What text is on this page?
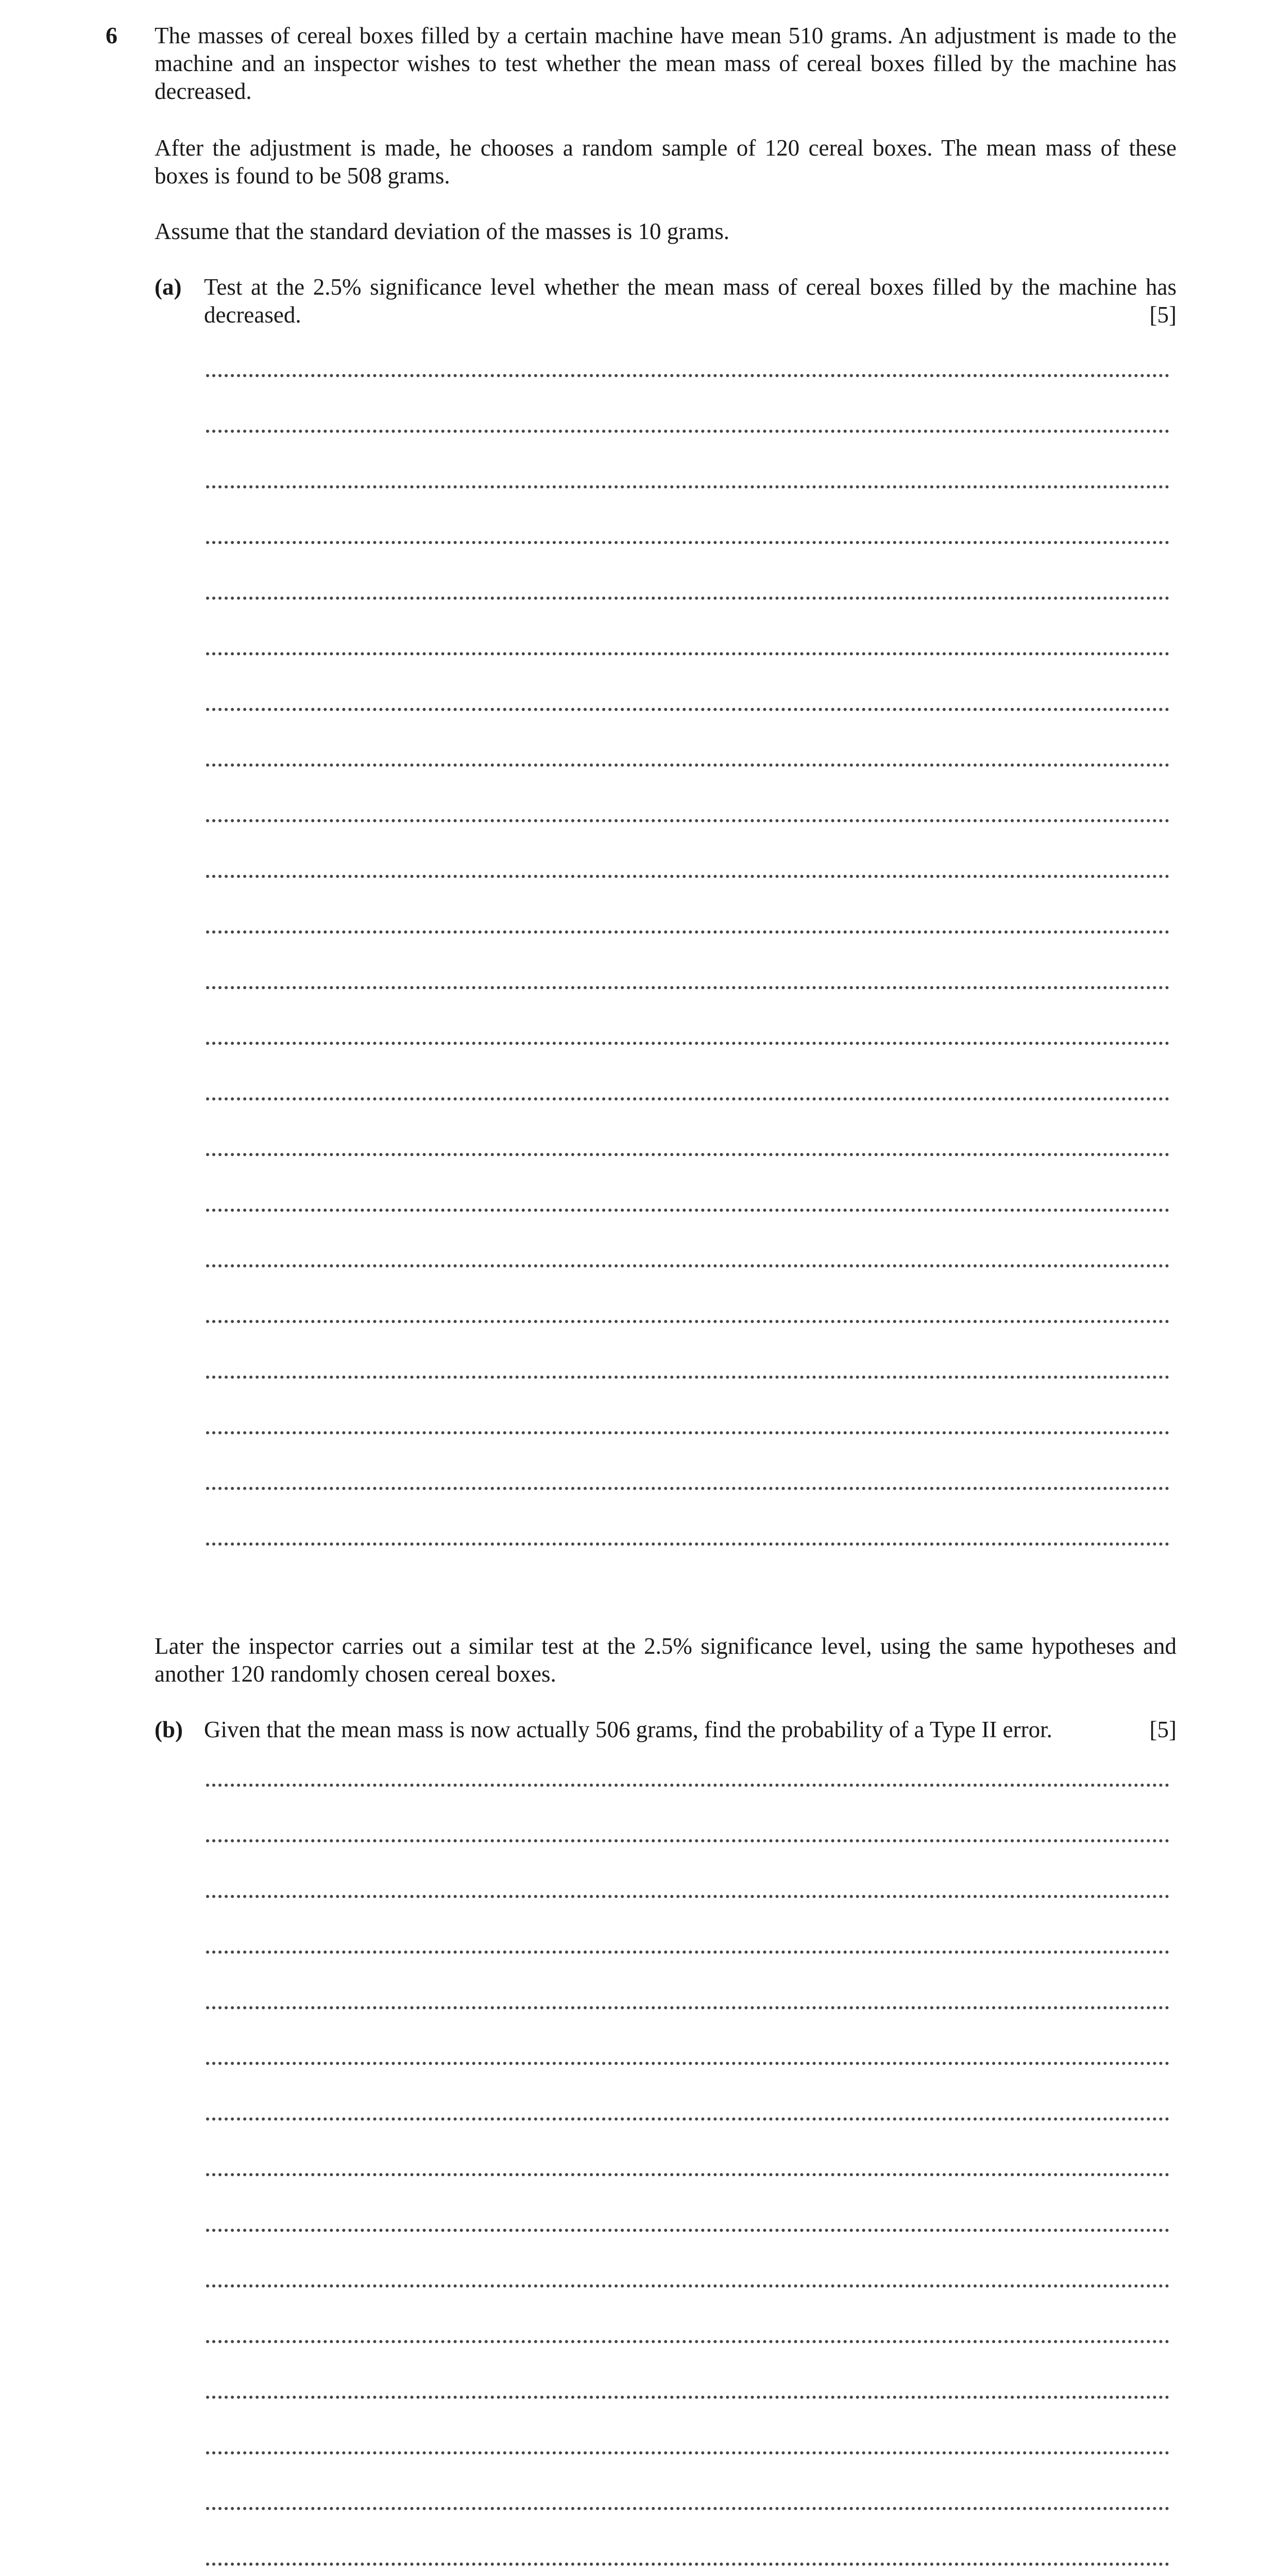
6 The masses of cereal boxes filled by a certain machine have mean 510 grams. An adjustment is made to the machine and an inspector wishes to test whether the mean mass of cereal boxes filled by the machine has decreased.
After the adjustment is made, he chooses a random sample of 120 cereal boxes. The mean mass of these boxes is found to be 508 grams.
Assume that the standard deviation of the masses is 10 grams.
(a) Test at the 2.5% significance level whether the mean mass of cereal boxes filled by the machine has decreased.	[5]
Later the inspector carries out a similar test at the 2.5% significance level, using the same hypotheses and another 120 randomly chosen cereal boxes.
(b) Given that the mean mass is now actually 506 grams, find the probability of a Type II error.	[5]
